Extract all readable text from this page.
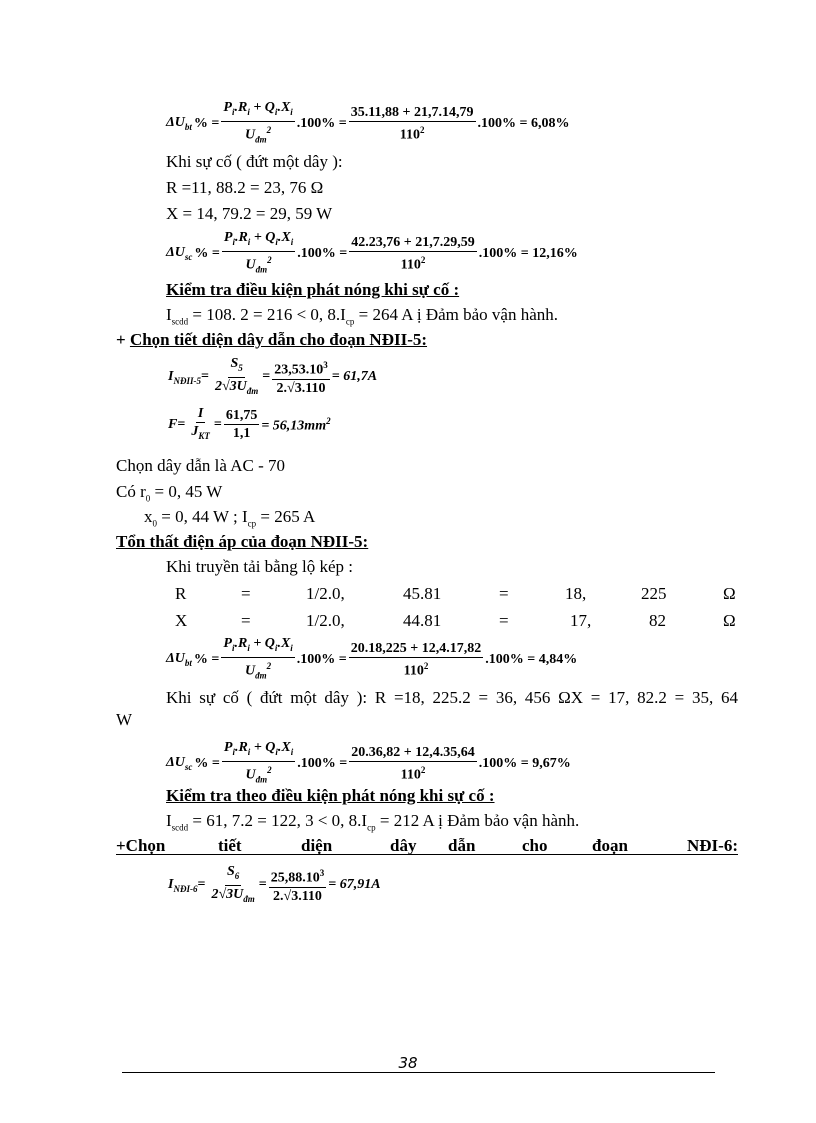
$\Delta U_{bt}$ % = $\frac{P_i.R_i + Q_i.X_i}{U_{đm}^2} .100\% = \frac{35.11,88 + 21,7.14,79}{110^2} .100\% = 6,08\%$
Khi sự cố ( đứt một dây ):
R =11, 88.2 = 23, 76 Ω
X = 14, 79.2 = 29, 59 W
$\Delta U_{sc}$ % = $\frac{P_i.R_i + Q_i.X_i}{U_{đm}^2} .100\% = \frac{42.23,76 + 21,7.29,59}{110^2} .100\% = 12,16\%$
Kiểm tra điều kiện phát nóng khi sự cố :
$I_{scdd} = 108$. 2 = 216 < 0, $8.I_{cp} = 264$ A ị Đảm bảo vận hành.
+ Chọn tiết diện dây dẫn cho đoạn NĐII-5:
$I_{NĐII-5} = \frac{S_5}{2√3U_{đm}} = \frac{23,53.10^3}{2.√3.110} = 61,7A$
$F = \frac{I}{J_{KT}} = \frac{61,75}{1,1} = 56,13mm^2$
Chọn dây dẫn là AC - 70
Có $r_0 = 0$, 45 W
$x_0 = 0$, 44 W ; $I_{cp} = 265$ A
Tổn thất điện áp của đoạn NĐII-5:
Khi truyền tải bằng lộ kép :
R	=	1/2.0,	45.81	=	18,	225	Ω
X	=	1/2.0,	44.81	=	17,	82	Ω
$\Delta U_{bt}$ % = $\frac{P_i.R_i + Q_i.X_i}{U_{đm}^2} .100\% = \frac{20.18,225 + 12,4.17,82}{110^2} .100\% = 4,84\%$
Khi sự cố ( đứt một dây ): R =18, 225.2 = 36, 456 ΩX = 17, 82.2 = 35, 64
W
$\Delta U_{sc}$ % = $\frac{P_i.R_i + Q_i.X_i}{U_{đm}^2} .100\% = \frac{20.36,82 + 12,4.35,64}{110^2} .100\% = 9,67\%$
Kiểm tra theo điều kiện phát nóng khi sự cố :
$I_{scdd} = 61$, 7.2 = 122, 3 < 0, $8.I_{cp} = 212$ A ị Đảm bảo vận hành.
+Chọn	tiết	diện	dây dẫn	cho	đoạn	NĐI-6:
$I_{NĐI-6} = \frac{S_6}{2√3U_{đm}} = \frac{25,88.10^3}{2.√3.110} = 67,91A$
38
